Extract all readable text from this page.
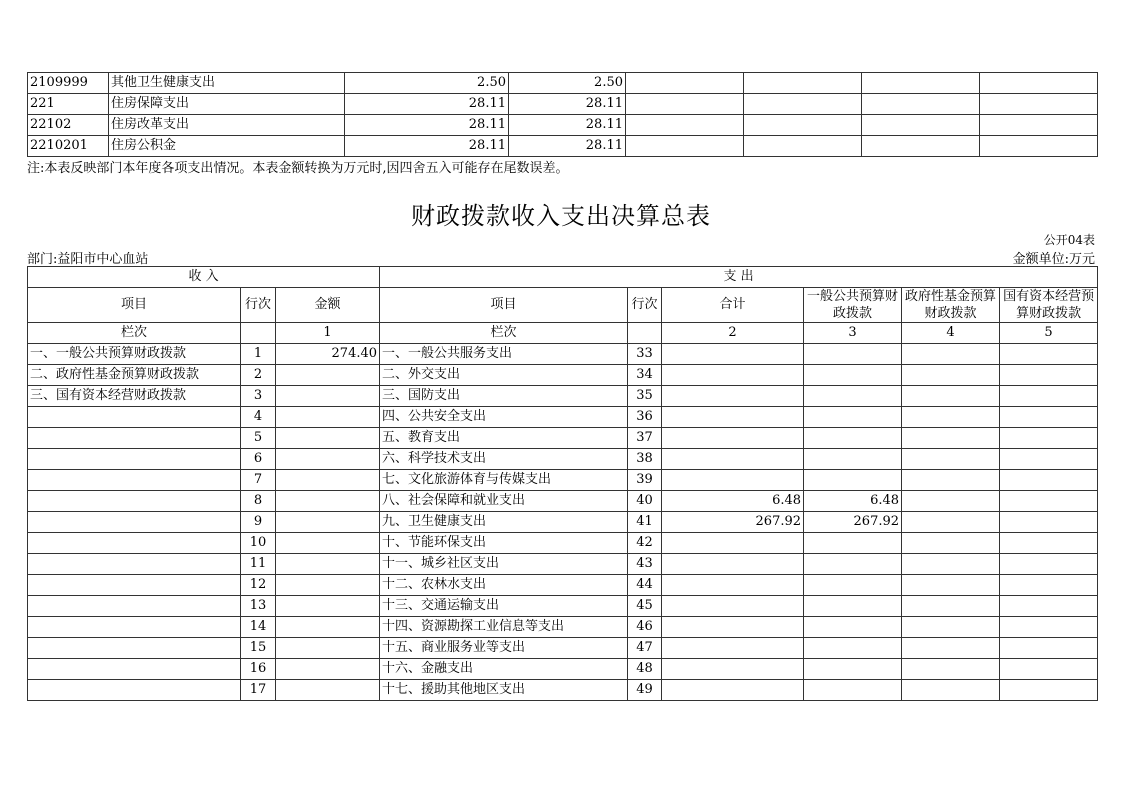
2109999	其他卫生健康支出	2.50	2.50				
221	住房保障支出	28.11	28.11				
22102	住房改革支出	28.11	28.11				
2210201	住房公积金	28.11	28.11				
注:本表反映部门本年度各项支出情况。本表金额转换为万元时,因四舍五入可能存在尾数误差。
财政拨款收入支出决算总表
公开04表
部门:益阳市中心血站	金额单位:万元
收 入			支 出					
项目	行次	金额	项目	行次	合计	一般公共预算财政拨款	政府性基金预算财政拨款	国有资本经营预算财政拨款
栏次		1	栏次		2	3	4	5
一、一般公共预算财政拨款	1	274.40	一、一般公共服务支出	33				
二、政府性基金预算财政拨款	2		二、外交支出	34				
三、国有资本经营财政拨款	3		三、国防支出	35				
	4		四、公共安全支出	36				
	5		五、教育支出	37				
	6		六、科学技术支出	38				
	7		七、文化旅游体育与传媒支出	39				
	8		八、社会保障和就业支出	40	6.48	6.48		
	9		九、卫生健康支出	41	267.92	267.92		
	10		十、节能环保支出	42				
	11		十一、城乡社区支出	43				
	12		十二、农林水支出	44				
	13		十三、交通运输支出	45				
	14		十四、资源勘探工业信息等支出	46				
	15		十五、商业服务业等支出	47				
	16		十六、金融支出	48				
	17		十七、援助其他地区支出	49				
